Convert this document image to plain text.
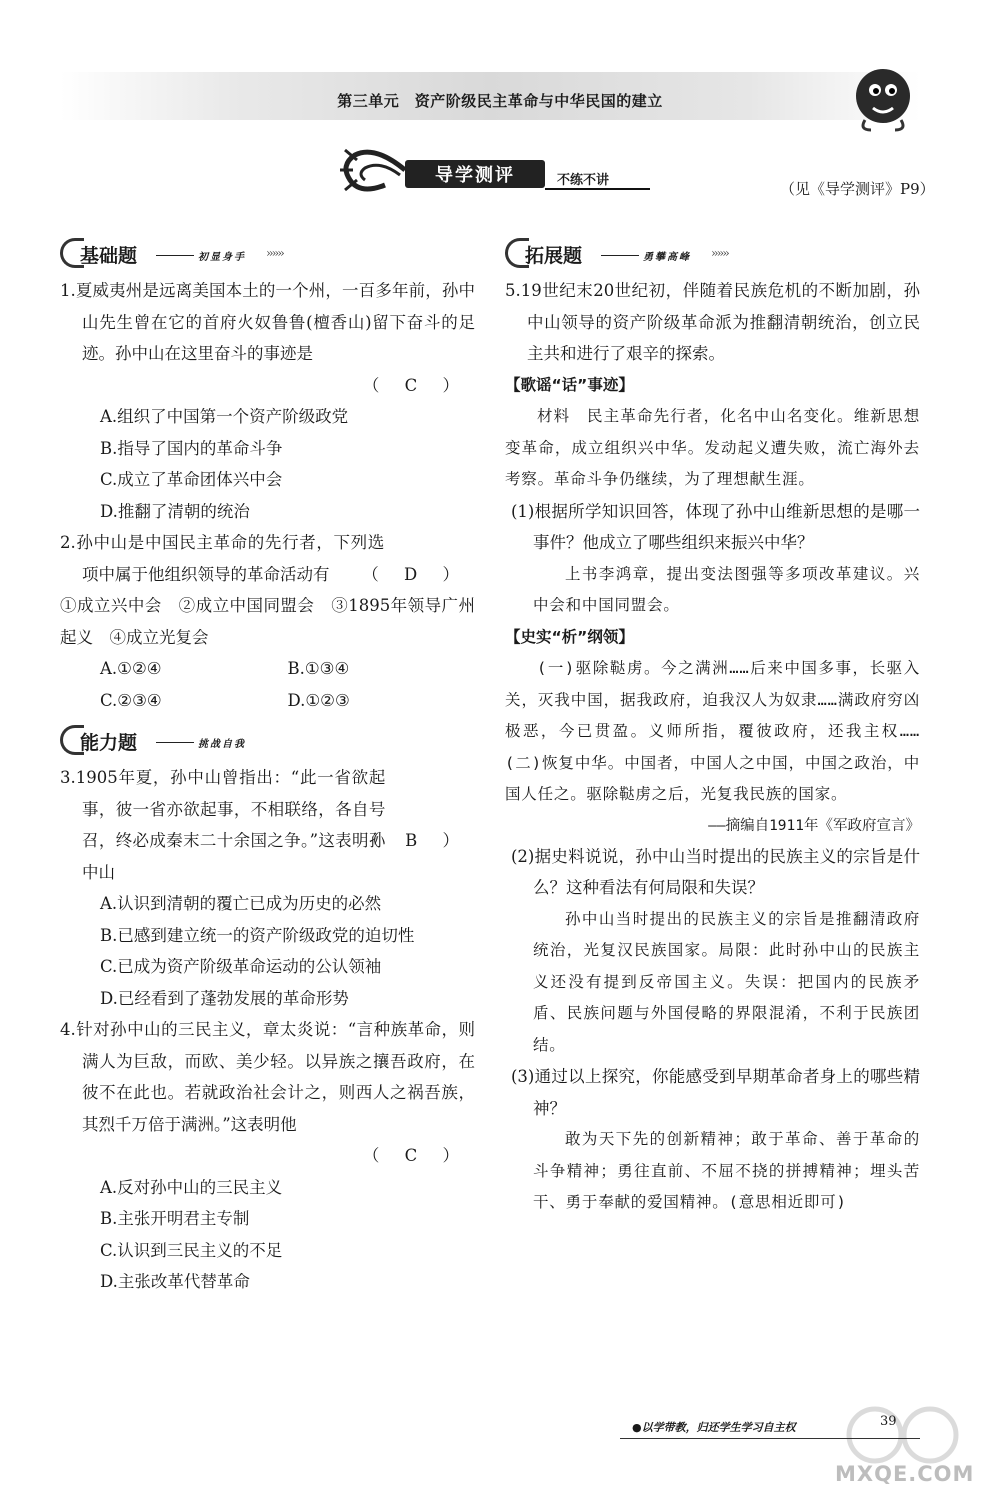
第三单元　资产阶级民主革命与中华民国的建立
导学测评	不练不讲	（见《导学测评》P9）
基础题	初显身手 ››››››
1.夏威夷州是远离美国本土的一个州，一百多年前，孙中山先生曾在它的首府火奴鲁鲁(檀香山)留下奋斗的足迹。孙中山在这里奋斗的事迹是
（ C ）
A.组织了中国第一个资产阶级政党
B.指导了国内的革命斗争
C.成立了革命团体兴中会
D.推翻了清朝的统治
（ D ）
2.孙中山是中国民主革命的先行者，下列选项中属于他组织领导的革命活动有
①成立兴中会　②成立中国同盟会　③1895年领导广州起义　④成立光复会
A.①②④	B.①③④
C.②③④	D.①②③
能力题	挑战自我
（ B ）
3.1905年夏，孙中山曾指出：“此一省欲起事，彼一省亦欲起事，不相联络，各自号召，终必成秦末二十余国之争。”这表明孙中山
A.认识到清朝的覆亡已成为历史的必然
B.已感到建立统一的资产阶级政党的迫切性
C.已成为资产阶级革命运动的公认领袖
D.已经看到了蓬勃发展的革命形势
4.针对孙中山的三民主义，章太炎说：“言种族革命，则满人为巨敌，而欧、美少轻。以异族之攘吾政府，在彼不在此也。若就政治社会计之，则西人之祸吾族，其烈千万倍于满洲。”这表明他
（ C ）
A.反对孙中山的三民主义
B.主张开明君主专制
C.认识到三民主义的不足
D.主张改革代替革命
拓展题	勇攀高峰 ››››››
5.19世纪末20世纪初，伴随着民族危机的不断加剧，孙中山领导的资产阶级革命派为推翻清朝统治，创立民主共和进行了艰辛的探索。
【歌谣“话”事迹】
材料　民主革命先行者，化名中山名变化。维新思想变革命，成立组织兴中华。发动起义遭失败，流亡海外去考察。革命斗争仍继续，为了理想献生涯。
(1)根据所学知识回答，体现了孙中山维新思想的是哪一事件？他成立了哪些组织来振兴中华？
上书李鸿章，提出变法图强等多项改革建议。兴中会和中国同盟会。
【史实“析”纲领】
(一)驱除鞑虏。今之满洲……后来中国多事，长驱入关，灭我中国，据我政府，迫我汉人为奴隶……满政府穷凶极恶，今已贯盈。义师所指，覆彼政府，还我主权……(二)恢复中华。中国者，中国人之中国，中国之政治，中国人任之。驱除鞑虏之后，光复我民族的国家。
——摘编自1911年《军政府宣言》
(2)据史料说说，孙中山当时提出的民族主义的宗旨是什么？这种看法有何局限和失误？
孙中山当时提出的民族主义的宗旨是推翻清政府统治，光复汉民族国家。局限：此时孙中山的民族主义还没有提到反帝国主义。失误：把国内的民族矛盾、民族问题与外国侵略的界限混淆，不利于民族团结。
(3)通过以上探究，你能感受到早期革命者身上的哪些精神？
敢为天下先的创新精神；敢于革命、善于革命的斗争精神；勇往直前、不屈不挠的拼搏精神；埋头苦干、勇于奉献的爱国精神。(意思相近即可)
●以学带教，归还学生学习自主权	39
MXQE.COM
